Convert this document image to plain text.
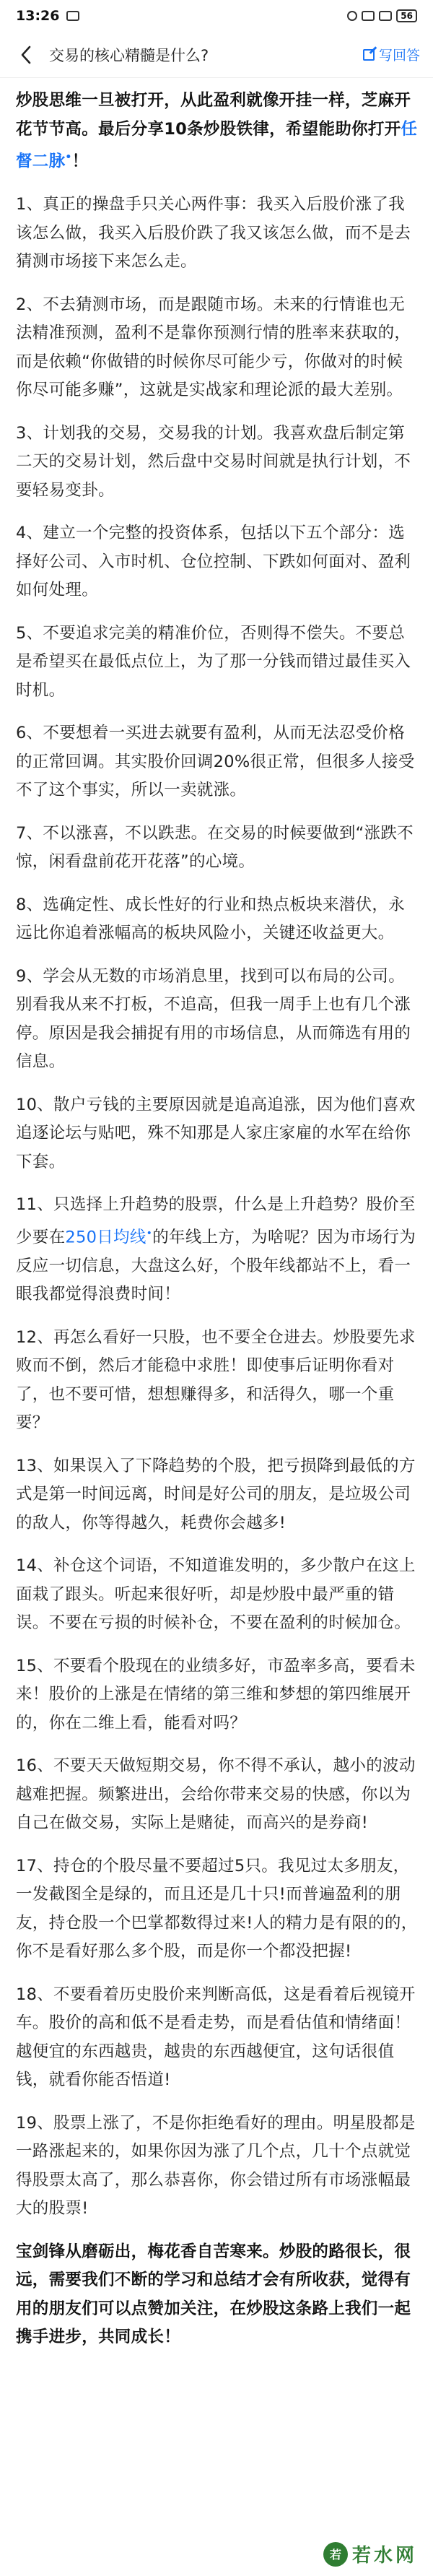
13:26	56
交易的核心精髓是什么?	写回答

炒股思维一旦被打开，从此盈利就像开挂一样，芝麻开花节节高。最后分享10条炒股铁律，希望能助你打开任督二脉•！

1、真正的操盘手只关心两件事：我买入后股价涨了我该怎么做，我买入后股价跌了我又该怎么做，而不是去猜测市场接下来怎么走。

2、不去猜测市场，而是跟随市场。未来的行情谁也无法精准预测，盈利不是靠你预测行情的胜率来获取的，而是依赖“你做错的时候你尽可能少亏，你做对的时候你尽可能多赚”，这就是实战家和理论派的最大差别。

3、计划我的交易，交易我的计划。我喜欢盘后制定第二天的交易计划，然后盘中交易时间就是执行计划，不要轻易变卦。

4、建立一个完整的投资体系，包括以下五个部分：选择好公司、入市时机、仓位控制、下跌如何面对、盈利如何处理。

5、不要追求完美的精准价位，否则得不偿失。不要总是希望买在最低点位上，为了那一分钱而错过最佳买入时机。

6、不要想着一买进去就要有盈利，从而无法忍受价格的正常回调。其实股价回调20%很正常，但很多人接受不了这个事实，所以一卖就涨。

7、不以涨喜，不以跌悲。在交易的时候要做到“涨跌不惊，闲看盘前花开花落”的心境。

8、选确定性、成长性好的行业和热点板块来潜伏，永远比你追着涨幅高的板块风险小，关键还收益更大。

9、学会从无数的市场消息里，找到可以布局的公司。别看我从来不打板，不追高，但我一周手上也有几个涨停。原因是我会捕捉有用的市场信息，从而筛选有用的信息。

10、散户亏钱的主要原因就是追高追涨，因为他们喜欢追逐论坛与贴吧，殊不知那是人家庄家雇的水军在给你下套。

11、只选择上升趋势的股票，什么是上升趋势？股价至少要在250日均线•的年线上方，为啥呢？因为市场行为反应一切信息，大盘这么好，个股年线都站不上，看一眼我都觉得浪费时间！

12、再怎么看好一只股，也不要全仓进去。炒股要先求败而不倒，然后才能稳中求胜！即使事后证明你看对了，也不要可惜，想想赚得多，和活得久，哪一个重要？

13、如果误入了下降趋势的个股，把亏损降到最低的方式是第一时间远离，时间是好公司的朋友，是垃圾公司的敌人，你等得越久，耗费你会越多!

14、补仓这个词语，不知道谁发明的，多少散户在这上面栽了跟头。听起来很好听，却是炒股中最严重的错误。不要在亏损的时候补仓，不要在盈利的时候加仓。

15、不要看个股现在的业绩多好，市盈率多高，要看未来！股价的上涨是在情绪的第三维和梦想的第四维展开的，你在二维上看，能看对吗？

16、不要天天做短期交易，你不得不承认，越小的波动越难把握。频繁进出，会给你带来交易的快感，你以为自己在做交易，实际上是赌徒，而高兴的是券商!

17、持仓的个股尽量不要超过5只。我见过太多朋友，一发截图全是绿的，而且还是几十只!而普遍盈利的朋友，持仓股一个巴掌都数得过来!人的精力是有限的的，你不是看好那么多个股，而是你一个都没把握!

18、不要看着历史股价来判断高低，这是看着后视镜开车。股价的高和低不是看走势，而是看估值和情绪面！越便宜的东西越贵，越贵的东西越便宜，这句话很值钱，就看你能否悟道!

19、股票上涨了，不是你拒绝看好的理由。明星股都是一路涨起来的，如果你因为涨了几个点，几十个点就觉得股票太高了，那么恭喜你，你会错过所有市场涨幅最大的股票!

宝剑锋从磨砺出，梅花香自苦寒来。炒股的路很长，很远，需要我们不断的学习和总结才会有所收获，觉得有用的朋友们可以点赞加关注，在炒股这条路上我们一起携手进步，共同成长！

若 若水网
